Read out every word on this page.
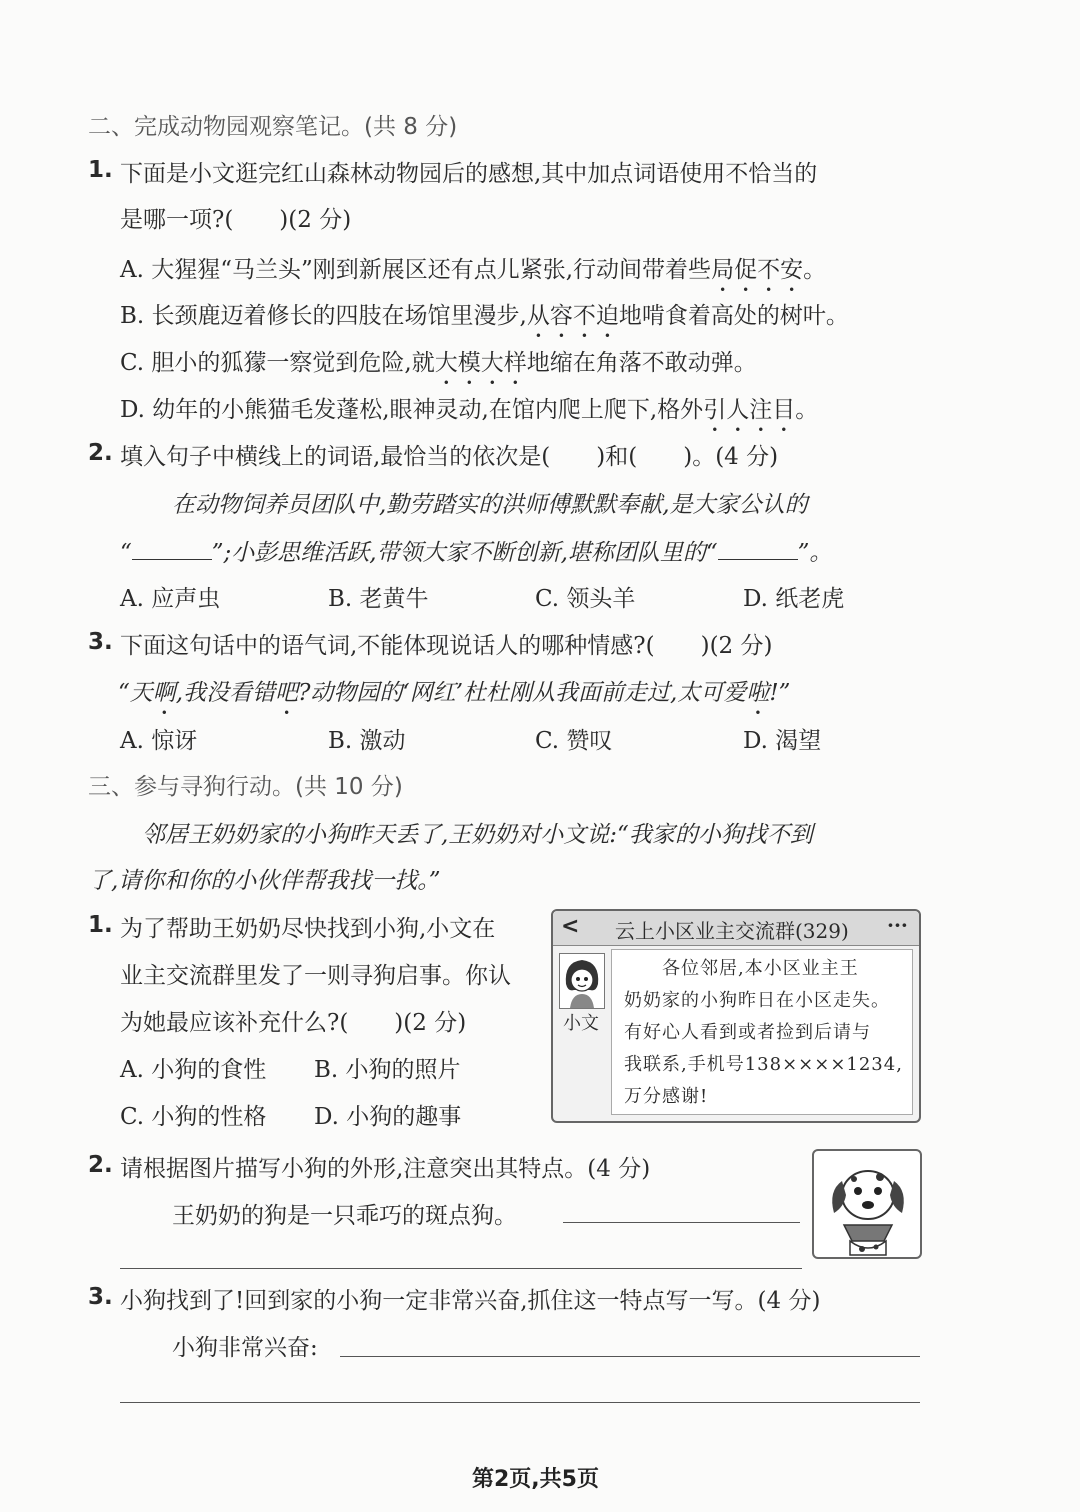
二、完成动物园观察笔记。(共 8 分)
1. 下面是小文逛完红山森林动物园后的感想,其中加点词语使用不恰当的
是哪一项?(　　)(2 分)
A. 大猩猩“马兰头”刚到新展区还有点儿紧张,行动间带着些局促不安。
B. 长颈鹿迈着修长的四肢在场馆里漫步,从容不迫地啃食着高处的树叶。
C. 胆小的狐獴一察觉到危险,就大模大样地缩在角落不敢动弹。
D. 幼年的小熊猫毛发蓬松,眼神灵动,在馆内爬上爬下,格外引人注目。
2. 填入句子中横线上的词语,最恰当的依次是(　　)和(　　)。(4 分)
在动物饲养员团队中,勤劳踏实的洪师傅默默奉献,是大家公认的
“	”;小彭思维活跃,带领大家不断创新,堪称团队里的“	”。
A. 应声虫	B. 老黄牛	C. 领头羊	D. 纸老虎
3. 下面这句话中的语气词,不能体现说话人的哪种情感?(　　)(2 分)
“天啊,我没看错吧?动物园的‘网红’杜杜刚从我面前走过,太可爱啦!”
A. 惊讶	B. 激动	C. 赞叹	D. 渴望
三、参与寻狗行动。(共 10 分)
邻居王奶奶家的小狗昨天丢了,王奶奶对小文说:“我家的小狗找不到
了,请你和你的小伙伴帮我找一找。”
1. 为了帮助王奶奶尽快找到小狗,小文在
业主交流群里发了一则寻狗启事。你认
为她最应该补充什么?(　　)(2 分)
A. 小狗的食性 B. 小狗的照片
C. 小狗的性格 D. 小狗的趣事
< 云上小区业主交流群(329) ···
小文
　　各位邻居,本小区业主王
奶奶家的小狗昨日在小区走失。
有好心人看到或者捡到后请与
我联系,手机号138××××1234,
万分感谢!
2. 请根据图片描写小狗的外形,注意突出其特点。(4 分)
王奶奶的狗是一只乖巧的斑点狗。
3. 小狗找到了!回到家的小狗一定非常兴奋,抓住这一特点写一写。(4 分)
小狗非常兴奋:
第2页,共5页
